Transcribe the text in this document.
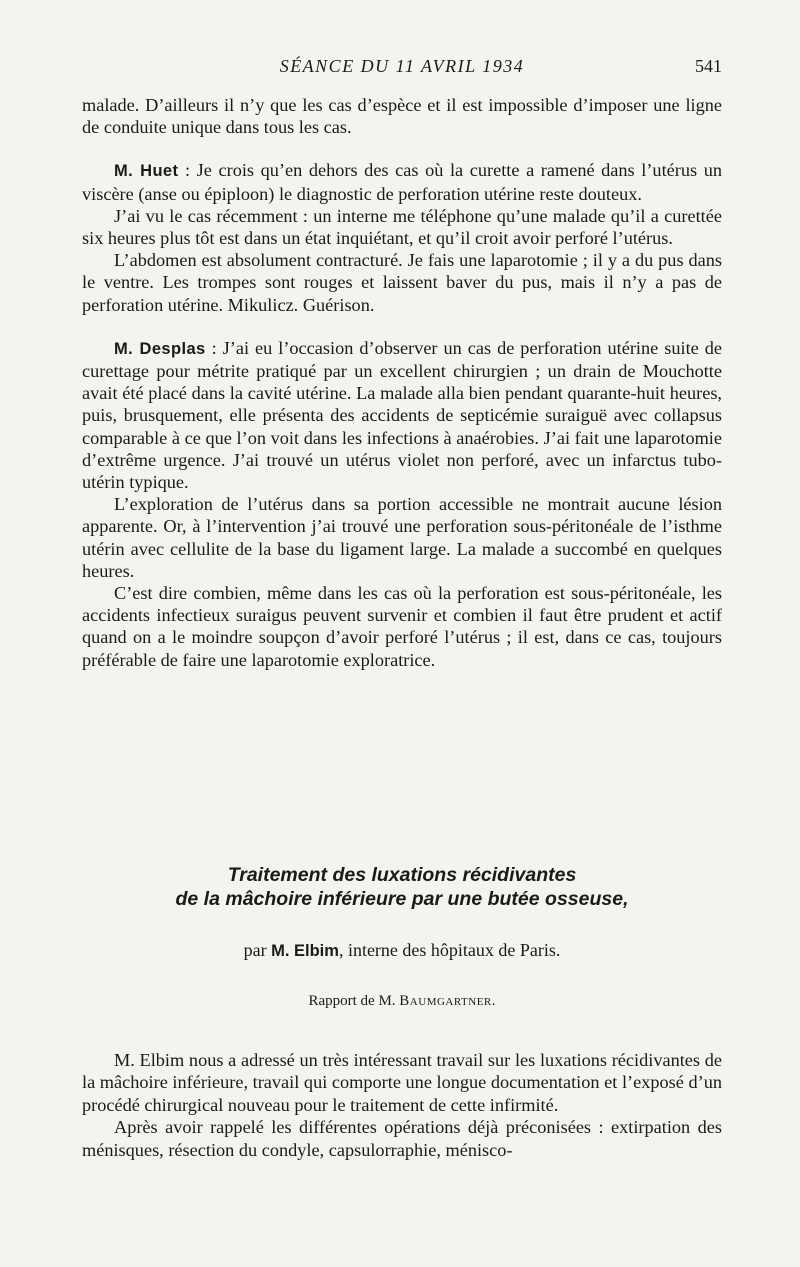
SÉANCE DU 11 AVRIL 1934	541

malade. D’ailleurs il n’y que les cas d’espèce et il est impossible d’imposer une ligne de conduite unique dans tous les cas.

M. Huet : Je crois qu’en dehors des cas où la curette a ramené dans l’utérus un viscère (anse ou épiploon) le diagnostic de perforation utérine reste douteux.

J’ai vu le cas récemment : un interne me téléphone qu’une malade qu’il a curettée six heures plus tôt est dans un état inquiétant, et qu’il croit avoir perforé l’utérus.

L’abdomen est absolument contracturé. Je fais une laparotomie ; il y a du pus dans le ventre. Les trompes sont rouges et laissent baver du pus, mais il n’y a pas de perforation utérine. Mikulicz. Guérison.

M. Desplas : J’ai eu l’occasion d’observer un cas de perforation utérine suite de curettage pour métrite pratiqué par un excellent chirurgien ; un drain de Mouchotte avait été placé dans la cavité utérine. La malade alla bien pendant quarante-huit heures, puis, brusquement, elle présenta des accidents de septicémie suraiguë avec collapsus comparable à ce que l’on voit dans les infections à anaérobies. J’ai fait une laparotomie d’extrême urgence. J’ai trouvé un utérus violet non perforé, avec un infarctus tubo-utérin typique.

L’exploration de l’utérus dans sa portion accessible ne montrait aucune lésion apparente. Or, à l’intervention j’ai trouvé une perforation sous-péritonéale de l’isthme utérin avec cellulite de la base du ligament large. La malade a succombé en quelques heures.

C’est dire combien, même dans les cas où la perforation est sous-péritonéale, les accidents infectieux suraigus peuvent survenir et combien il faut être prudent et actif quand on a le moindre soupçon d’avoir perforé l’utérus ; il est, dans ce cas, toujours préférable de faire une laparotomie exploratrice.

Traitement des luxations récidivantes
de la mâchoire inférieure par une butée osseuse,
par M. Elbim, interne des hôpitaux de Paris.
Rapport de M. Baumgartner.

M. Elbim nous a adressé un très intéressant travail sur les luxations récidivantes de la mâchoire inférieure, travail qui comporte une longue documentation et l’exposé d’un procédé chirurgical nouveau pour le traitement de cette infirmité.

Après avoir rappelé les différentes opérations déjà préconisées : extirpation des ménisques, résection du condyle, capsulorraphie, ménisco-
